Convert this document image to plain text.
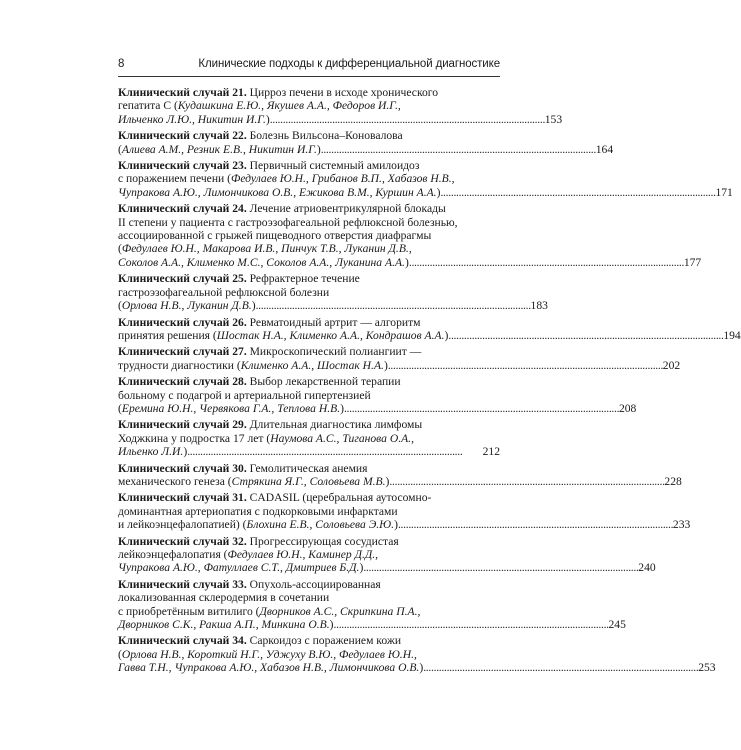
8	Клинические подходы к дифференциальной диагностике
Клинический случай 21. Цирроз печени в исходе хронического
гепатита С (Кудашкина Е.Ю., Якушев А.А., Федоров И.Г.,
Ильченко Л.Ю., Никитин И.Г.) . . .	153
Клинический случай 22. Болезнь Вильсона–Коновалова
(Алиева А.М., Резник Е.В., Никитин И.Г.) . . .	164
Клинический случай 23. Первичный системный амилоидоз
с поражением печени (Федулаев Ю.Н., Грибанов В.П., Хабазов Н.В.,
Чупракова А.Ю., Лимончикова О.В., Ежикова В.М., Куршин А.А.) . . .	171
Клинический случай 24. Лечение атриовентрикулярной блокады
II степени у пациента с гастроэзофагеальной рефлюксной болезнью,
ассоциированной с грыжей пищеводного отверстия диафрагмы
(Федулаев Ю.Н., Макарова И.В., Пинчук Т.В., Луканин Д.В.,
Соколов А.А., Клименко М.С., Соколов А.А., Луканина А.А.) . . .	177
Клинический случай 25. Рефрактерное течение
гастроэзофагеальной рефлюксной болезни
(Орлова Н.В., Луканин Д.В.) . . .	183
Клинический случай 26. Ревматоидный артрит — алгоритм
принятия решения (Шостак Н.А., Клименко А.А., Кондрашов А.А.) . . .	194
Клинический случай 27. Микроскопический полиангиит —
трудности диагностики (Клименко А.А., Шостак Н.А.) . . .	202
Клинический случай 28. Выбор лекарственной терапии
больному с подагрой и артериальной гипертензией
(Еремина Ю.Н., Червякова Г.А., Теплова Н.В.) . . .	208
Клинический случай 29. Длительная диагностика лимфомы
Ходжкина у подростка 17 лет (Наумова А.С., Тиганова О.А.,
Ильенко Л.И.) . . .	212
Клинический случай 30. Гемолитическая анемия
механического генеза (Стрякина Я.Г., Соловьева М.В.) . . .	228
Клинический случай 31. CADASIL (церебральная аутосомно-
доминантная артериопатия с подкорковыми инфарктами
и лейкоэнцефалопатией) (Блохина Е.В., Соловьева Э.Ю.) . . .	233
Клинический случай 32. Прогрессирующая сосудистая
лейкоэнцефалопатия (Федулаев Ю.Н., Каминер Д.Д.,
Чупракова А.Ю., Фатуллаев С.Т., Дмитриев Б.Д.) . . .	240
Клинический случай 33. Опухоль-ассоциированная
локализованная склеродермия в сочетании
с приобретённым витилиго (Дворников А.С., Скрипкина П.А.,
Дворников С.К., Ракша А.П., Минкина О.В.) . . .	245
Клинический случай 34. Саркоидоз с поражением кожи
(Орлова Н.В., Короткий Н.Г., Уджуху В.Ю., Федулаев Ю.Н.,
Гавва Т.Н., Чупракова А.Ю., Хабазов Н.В., Лимончикова О.В.) . . .	253
